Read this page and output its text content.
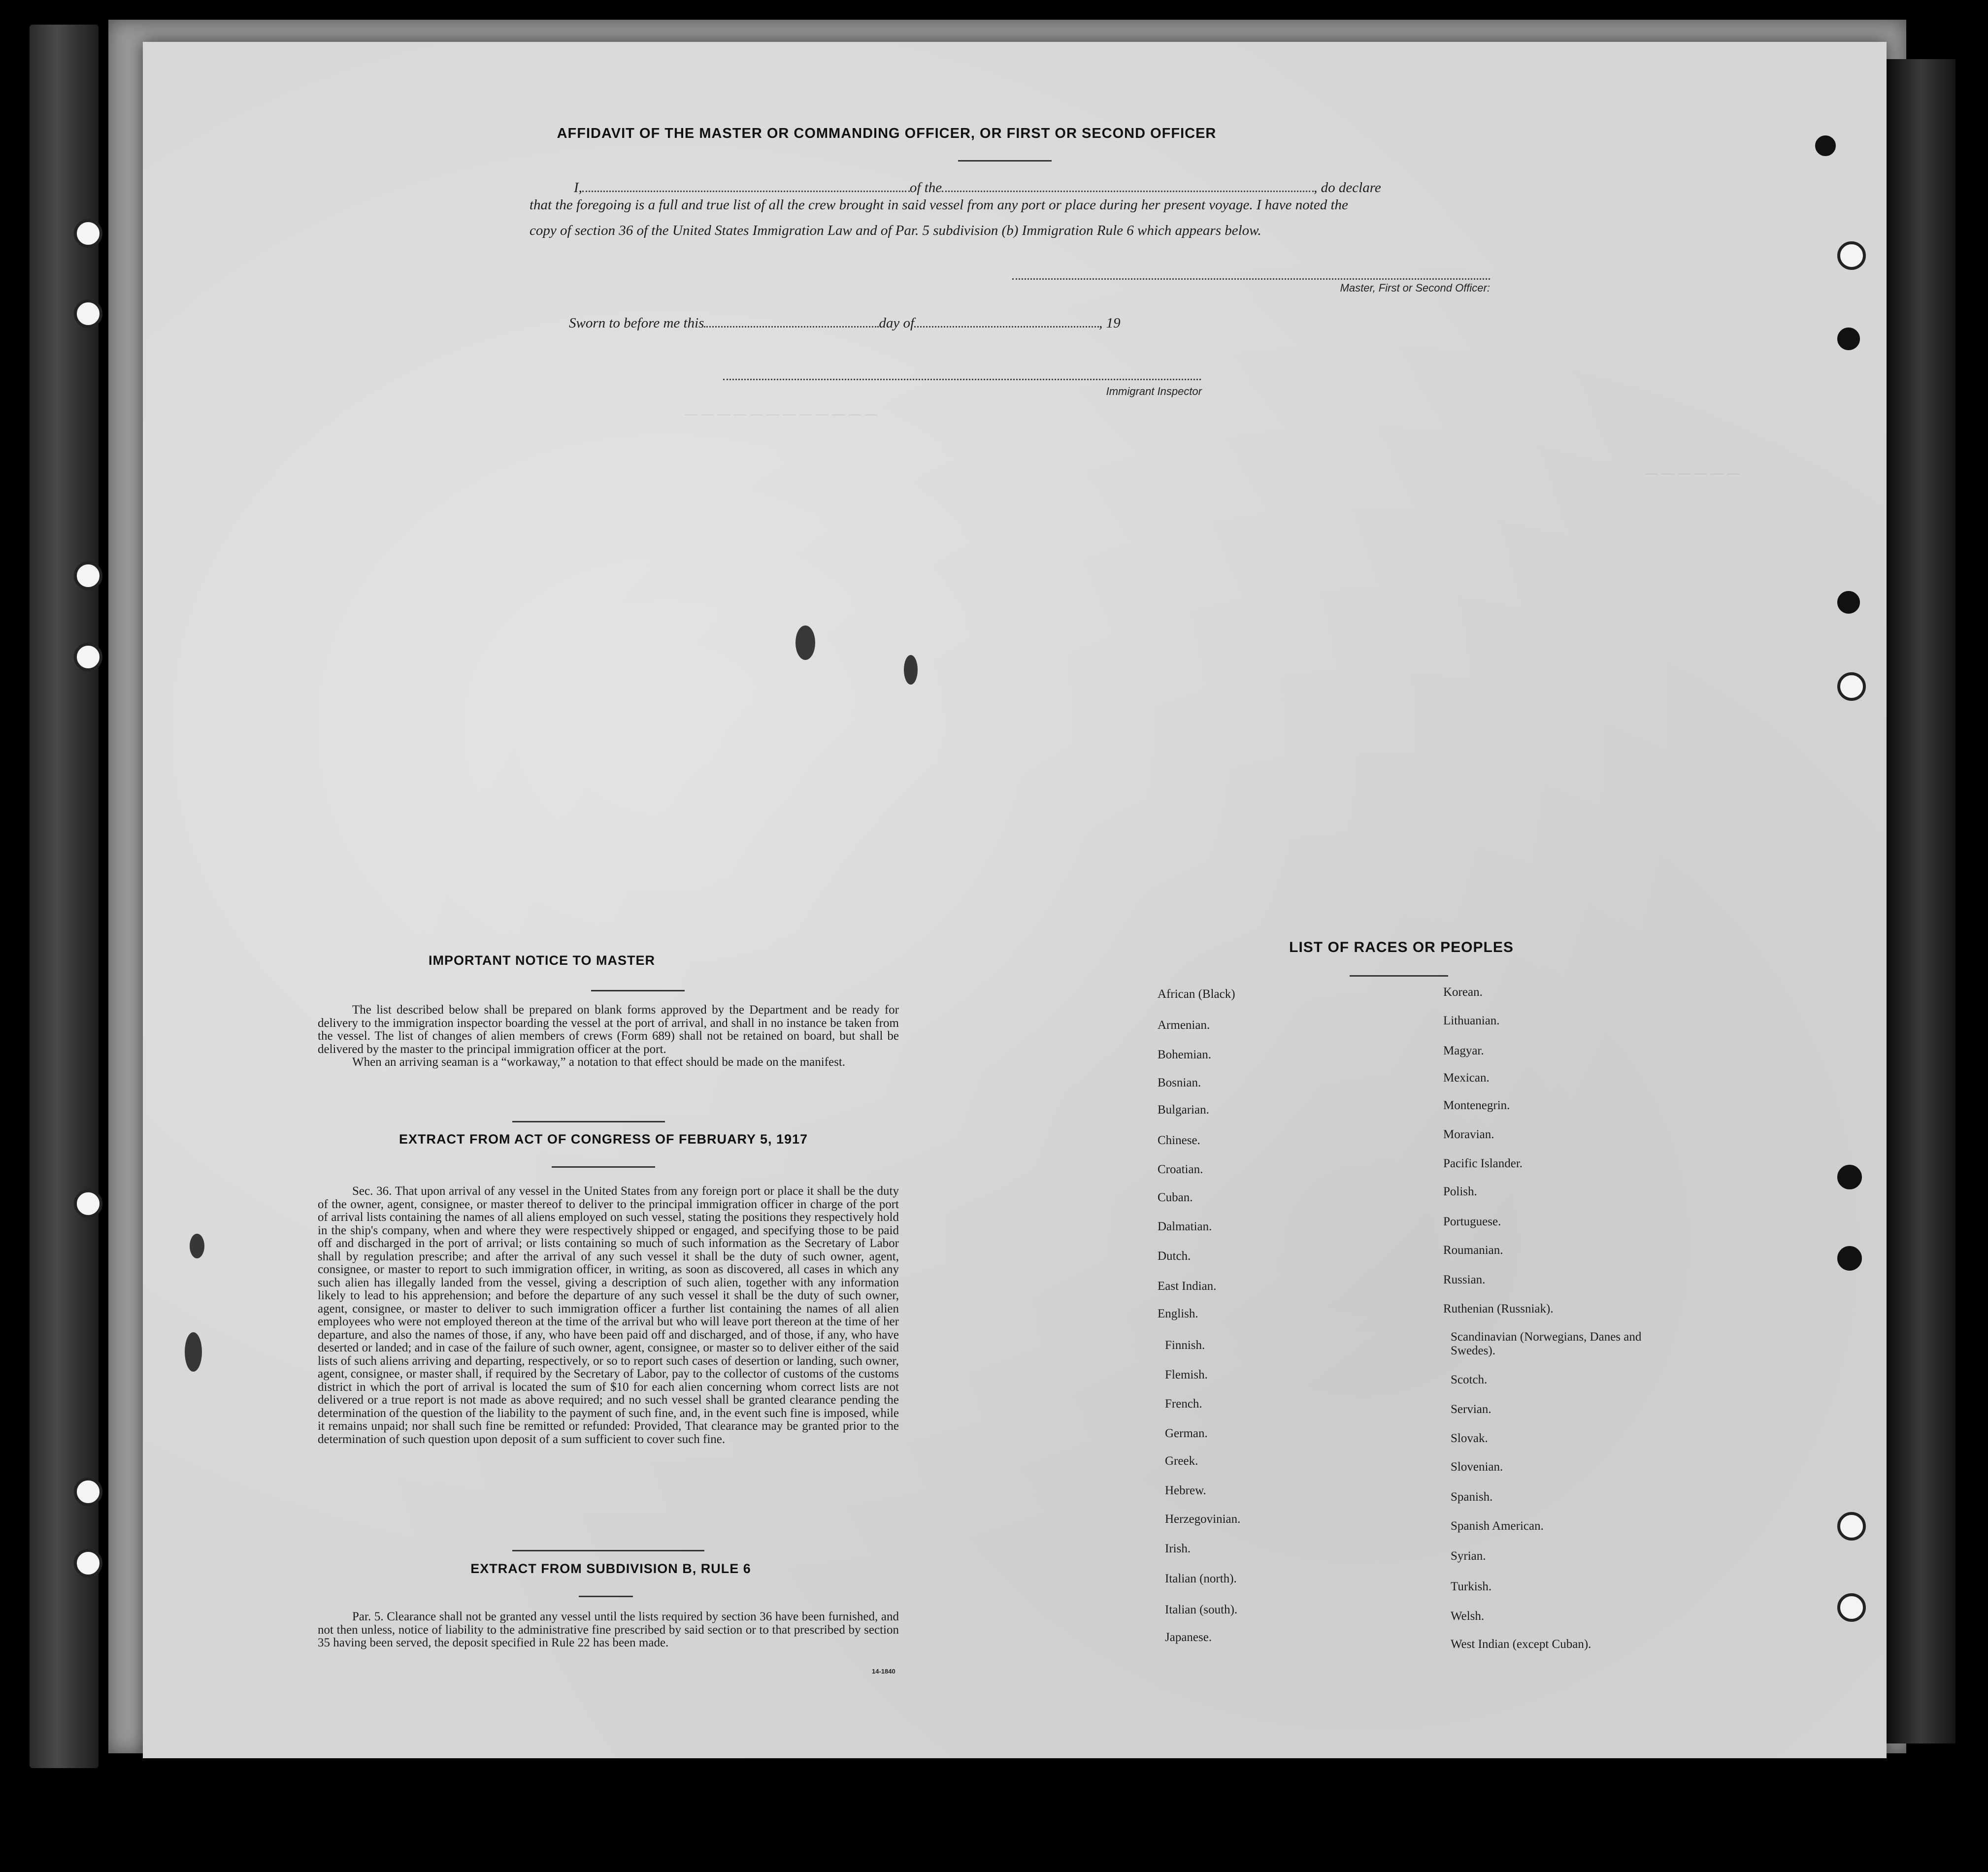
— — — — — — — — — — — —
— — — — — —
AFFIDAVIT OF THE MASTER OR COMMANDING OFFICER, OR FIRST OR SECOND OFFICER
I,	of the	, do declare
that the foregoing is a full and true list of all the crew brought in said vessel from any port or place during her present voyage. I have noted the
copy of section 36 of the United States Immigration Law and of Par. 5 subdivision (b) Immigration Rule 6 which appears below.
Master, First or Second Officer:
Sworn to before me this	day of	, 19
Immigrant Inspector
IMPORTANT NOTICE TO MASTER

The list described below shall be prepared on blank forms approved by the Department and be ready for delivery to the immigration inspector boarding the vessel at the port of arrival, and shall in no instance be taken from the vessel. The list of changes of alien members of crews (Form 689) shall not be retained on board, but shall be delivered by the master to the principal immigration officer at the port.

When an arriving seaman is a “workaway,” a notation to that effect should be made on the manifest.

EXTRACT FROM ACT OF CONGRESS OF FEBRUARY 5, 1917

Sec. 36. That upon arrival of any vessel in the United States from any foreign port or place it shall be the duty of the owner, agent, consignee, or master thereof to deliver to the principal immigration officer in charge of the port of arrival lists containing the names of all aliens employed on such vessel, stating the positions they respectively hold in the ship's company, when and where they were respectively shipped or engaged, and specifying those to be paid off and discharged in the port of arrival; or lists containing so much of such information as the Secretary of Labor shall by regulation prescribe; and after the arrival of any such vessel it shall be the duty of such owner, agent, consignee, or master to report to such immigration officer, in writing, as soon as discovered, all cases in which any such alien has illegally landed from the vessel, giving a description of such alien, together with any information likely to lead to his apprehension; and before the departure of any such vessel it shall be the duty of such owner, agent, consignee, or master to deliver to such immigration officer a further list containing the names of all alien employees who were not employed thereon at the time of the arrival but who will leave port thereon at the time of her departure, and also the names of those, if any, who have been paid off and discharged, and of those, if any, who have deserted or landed; and in case of the failure of such owner, agent, consignee, or master so to deliver either of the said lists of such aliens arriving and departing, respectively, or so to report such cases of desertion or landing, such owner, agent, consignee, or master shall, if required by the Secretary of Labor, pay to the collector of customs of the customs district in which the port of arrival is located the sum of $10 for each alien concerning whom correct lists are not delivered or a true report is not made as above required; and no such vessel shall be granted clearance pending the determination of the question of the liability to the payment of such fine, and, in the event such fine is imposed, while it remains unpaid; nor shall such fine be remitted or refunded: Provided, That clearance may be granted prior to the determination of such question upon deposit of a sum sufficient to cover such fine.

EXTRACT FROM SUBDIVISION B, RULE 6

Par. 5. Clearance shall not be granted any vessel until the lists required by section 36 have been furnished, and not then unless, notice of liability to the administrative fine prescribed by said section or to that prescribed by section 35 having been served, the deposit specified in Rule 22 has been made.

14-1840
LIST OF RACES OR PEOPLES
African (Black)
Armenian.
Bohemian.
Bosnian.
Bulgarian.
Chinese.
Croatian.
Cuban.
Dalmatian.
Dutch.
East Indian.
English.
Finnish.
Flemish.
French.
German.
Greek.
Hebrew.
Herzegovinian.
Irish.
Italian (north).
Italian (south).
Japanese.
Korean.
Lithuanian.
Magyar.
Mexican.
Montenegrin.
Moravian.
Pacific Islander.
Polish.
Portuguese.
Roumanian.
Russian.
Ruthenian (Russniak).
Scandinavian (Norwegians, Danes and Swedes).
Scotch.
Servian.
Slovak.
Slovenian.
Spanish.
Spanish American.
Syrian.
Turkish.
Welsh.
West Indian (except Cuban).
